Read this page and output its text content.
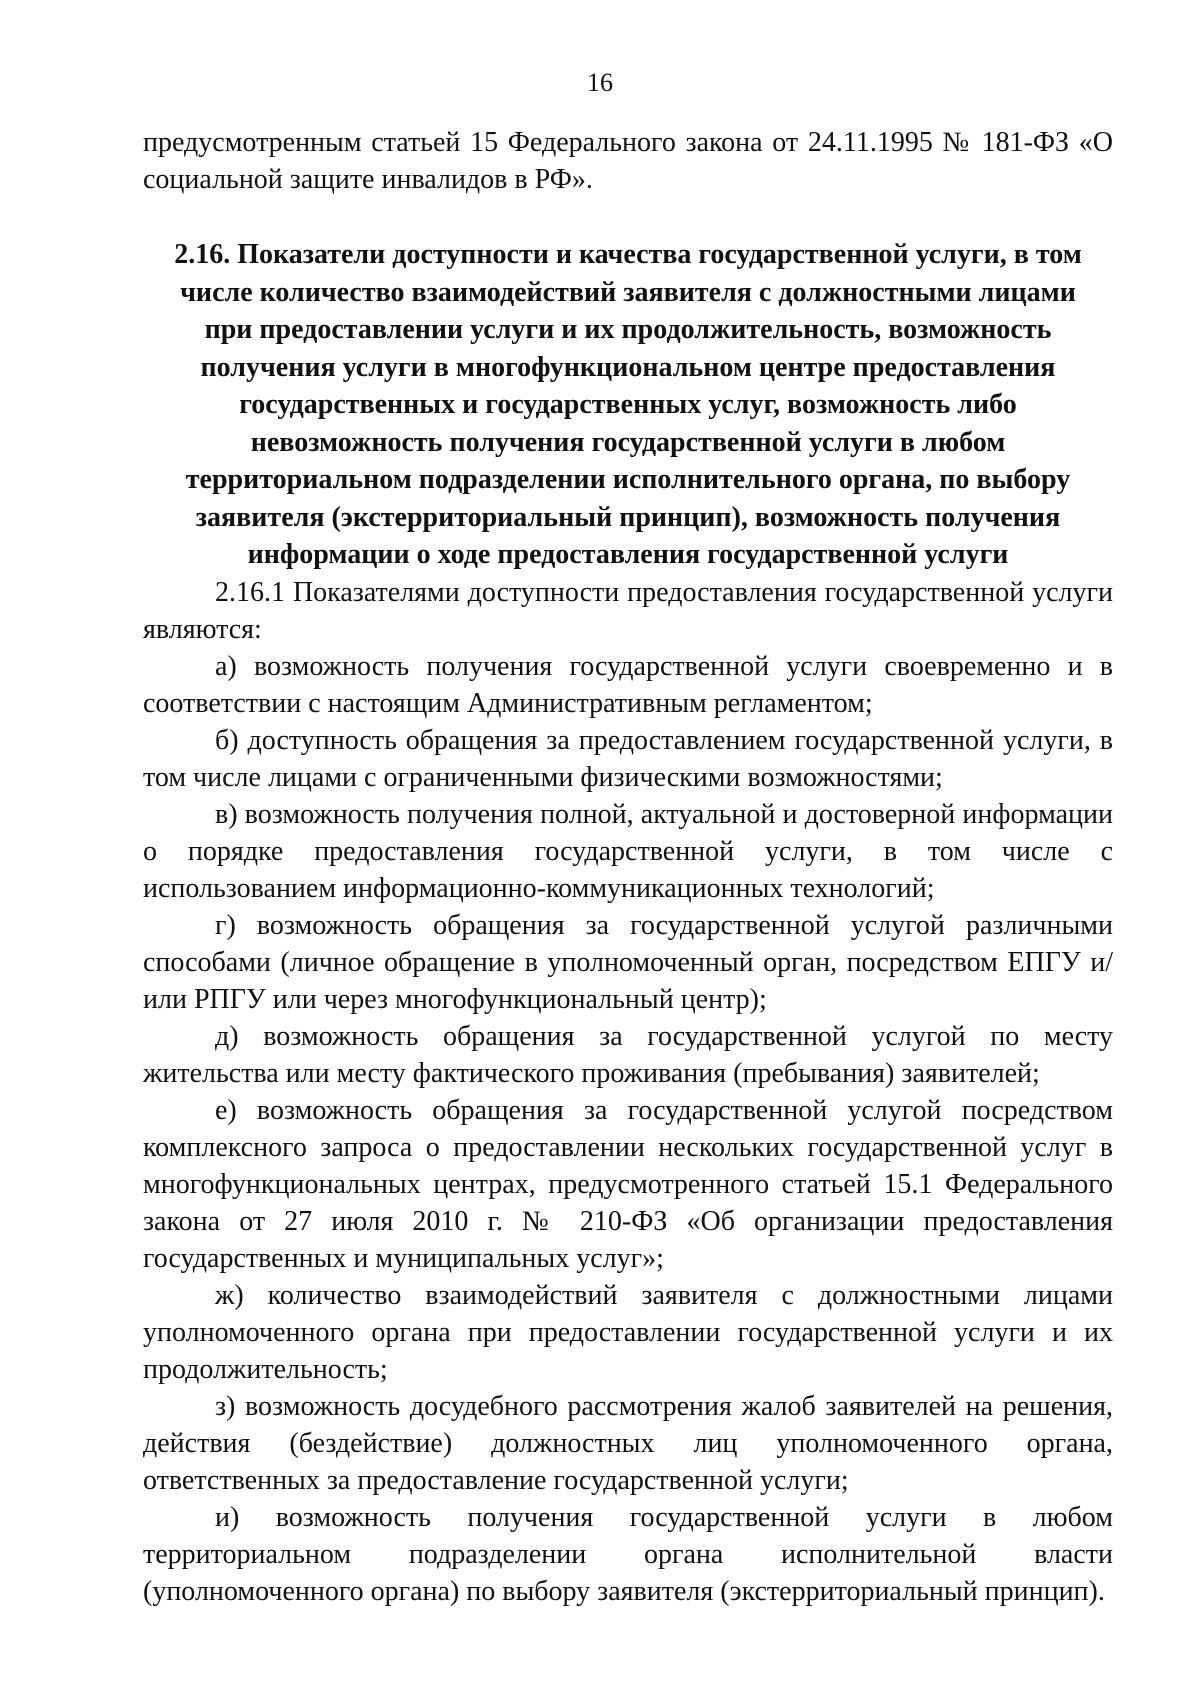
16

предусмотренным статьей 15 Федерального закона от 24.11.1995 № 181-ФЗ «О социальной защите инвалидов в РФ».

2.16. Показатели доступности и качества государственной услуги, в том числе количество взаимодействий заявителя с должностными лицами при предоставлении услуги и их продолжительность, возможность получения услуги в многофункциональном центре предоставления государственных и государственных услуг, возможность либо невозможность получения государственной услуги в любом территориальном подразделении исполнительного органа, по выбору заявителя (экстерриториальный принцип), возможность получения информации о ходе предоставления государственной услуги

2.16.1 Показателями доступности предоставления государственной услуги являются:

а) возможность получения государственной услуги своевременно и в соответствии с настоящим Административным регламентом;

б) доступность обращения за предоставлением государственной услуги, в том числе лицами с ограниченными физическими возможностями;

в) возможность получения полной, актуальной и достоверной информации о порядке предоставления государственной услуги, в том числе с использованием информационно-коммуникационных технологий;

г) возможность обращения за государственной услугой различными способами (личное обращение в уполномоченный орган, посредством ЕПГУ и/или РПГУ или через многофункциональный центр);

д) возможность обращения за государственной услугой по месту жительства или месту фактического проживания (пребывания) заявителей;

е) возможность обращения за государственной услугой посредством комплексного запроса о предоставлении нескольких государственной услуг в многофункциональных центрах, предусмотренного статьей 15.1 Федерального закона от 27 июля 2010 г. № 210-ФЗ «Об организации предоставления государственных и муниципальных услуг»;

ж) количество взаимодействий заявителя с должностными лицами уполномоченного органа при предоставлении государственной услуги и их продолжительность;

з) возможность досудебного рассмотрения жалоб заявителей на решения, действия (бездействие) должностных лиц уполномоченного органа, ответственных за предоставление государственной услуги;

и) возможность получения государственной услуги в любом территориальном подразделении органа исполнительной власти (уполномоченного органа) по выбору заявителя (экстерриториальный принцип).
